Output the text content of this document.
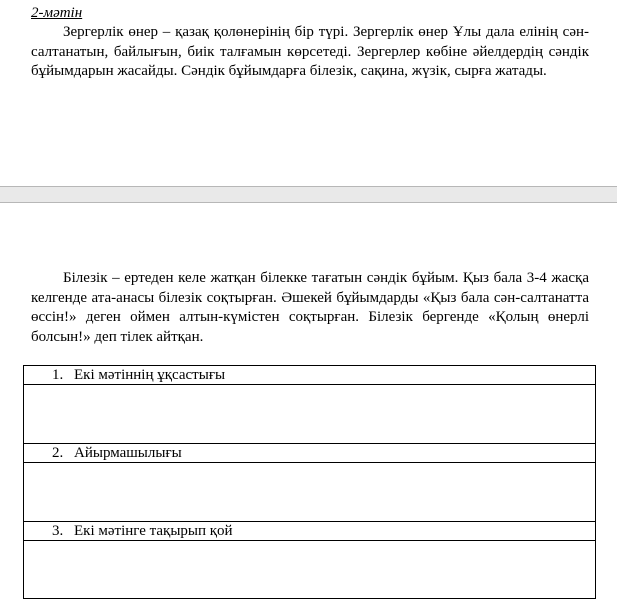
2-мәтін

Зергерлік өнер – қазақ қолөнерінің бір түрі. Зергерлік өнер Ұлы дала елінің сән-салтанатын, байлығын, биік талғамын көрсетеді. Зергерлер көбіне әйелдердің сәндік бұйымдарын жасайды. Сәндік бұйымдарға білезік, сақина, жүзік, сырға жатады.

Білезік – ертеден келе жатқан білекке тағатын сәндік бұйым. Қыз бала 3-4 жасқа келгенде ата-анасы білезік соқтырған. Әшекей бұйымдарды «Қыз бала сән-салтанатта өссін!» деген оймен алтын-күмістен соқтырған. Білезік бергенде «Қолың өнерлі болсын!» деп тілек айтқан.

1. Екі мәтіннің ұқсастығы

2. Айырмашылығы

3. Екі мәтінге тақырып қой
